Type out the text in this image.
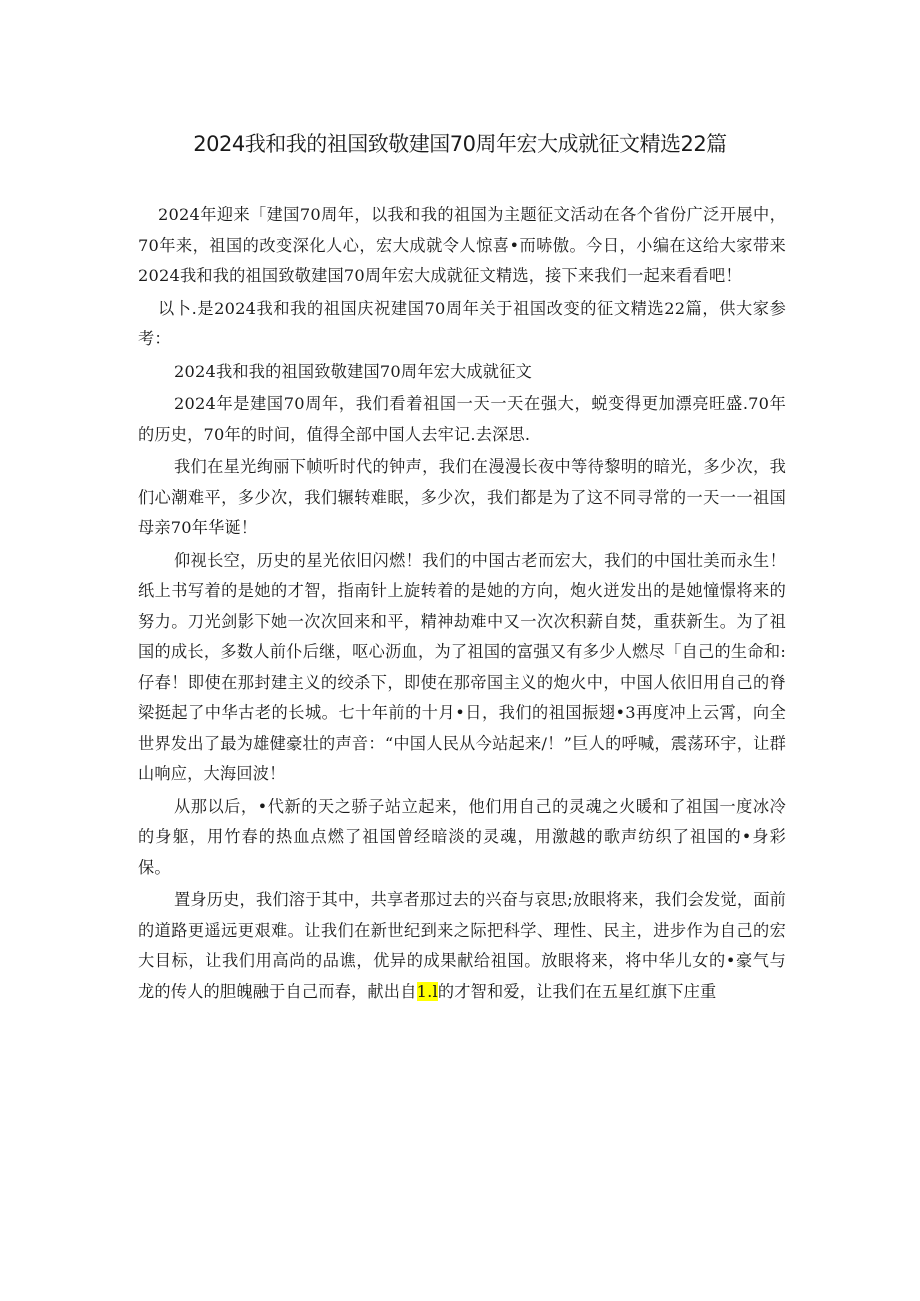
2024我和我的祖国致敬建国70周年宏大成就征文精选22篇

2024年迎来「建国70周年，以我和我的祖国为主题征文活动在各个省份广泛开展中，70年来，祖国的改变深化人心，宏大成就令人惊喜•而哧傲。今日，小编在这给大家带来2024我和我的祖国致敬建国70周年宏大成就征文精选，接下来我们一起来看看吧！

以卜.是2024我和我的祖国庆祝建国70周年关于祖国改变的征文精选22篇，供大家参考：

2024我和我的祖国致敬建国70周年宏大成就征文

2024年是建国70周年，我们看着祖国一天一天在强大，蜕变得更加漂亮旺盛.70年的历史，70年的时间，值得全部中国人去牢记.去深思.

我们在星光绚丽下帧听时代的钟声，我们在漫漫长夜中等待黎明的暗光，多少次，我们心潮难平，多少次，我们辗转难眠，多少次，我们都是为了这不同寻常的一天一一祖国母亲70年华诞！

仰视长空，历史的星光依旧闪燃！我们的中国古老而宏大，我们的中国壮美而永生！纸上书写着的是她的才智，指南针上旋转着的是她的方向，炮火迸发出的是她憧憬将来的努力。刀光剑影下她一次次回来和平，精神劫难中又一次次积薪自焚，重获新生。为了祖国的成长，多数人前仆后继，呕心沥血，为了祖国的富强又有多少人燃尽「自己的生命和:仔春！即使在那封建主义的绞杀下，即使在那帝国主义的炮火中，中国人依旧用自己的脊梁挺起了中华古老的长城。七十年前的十月•日，我们的祖国振翅•3再度冲上云霄，向全世界发出了最为雄健豪壮的声音：“中国人民从今站起来/！”巨人的呼喊，震荡环宇，让群山响应，大海回波！

从那以后，•代新的天之骄子站立起来，他们用自己的灵魂之火暖和了祖国一度冰冷的身躯，用竹春的热血点燃了祖国曾经暗淡的灵魂，用激越的歌声纺织了祖国的•身彩保。

置身历史，我们溶于其中，共享者那过去的兴奋与哀思;放眼将来，我们会发觉，面前的道路更遥远更艰难。让我们在新世纪到来之际把科学、理性、民主，进步作为自己的宏大目标，让我们用高尚的品谯，优异的成果献给祖国。放眼将来，将中华儿女的•豪气与龙的传人的胆魄融于自己而春，献出自1.l的才智和爱，让我们在五星红旗下庄重
